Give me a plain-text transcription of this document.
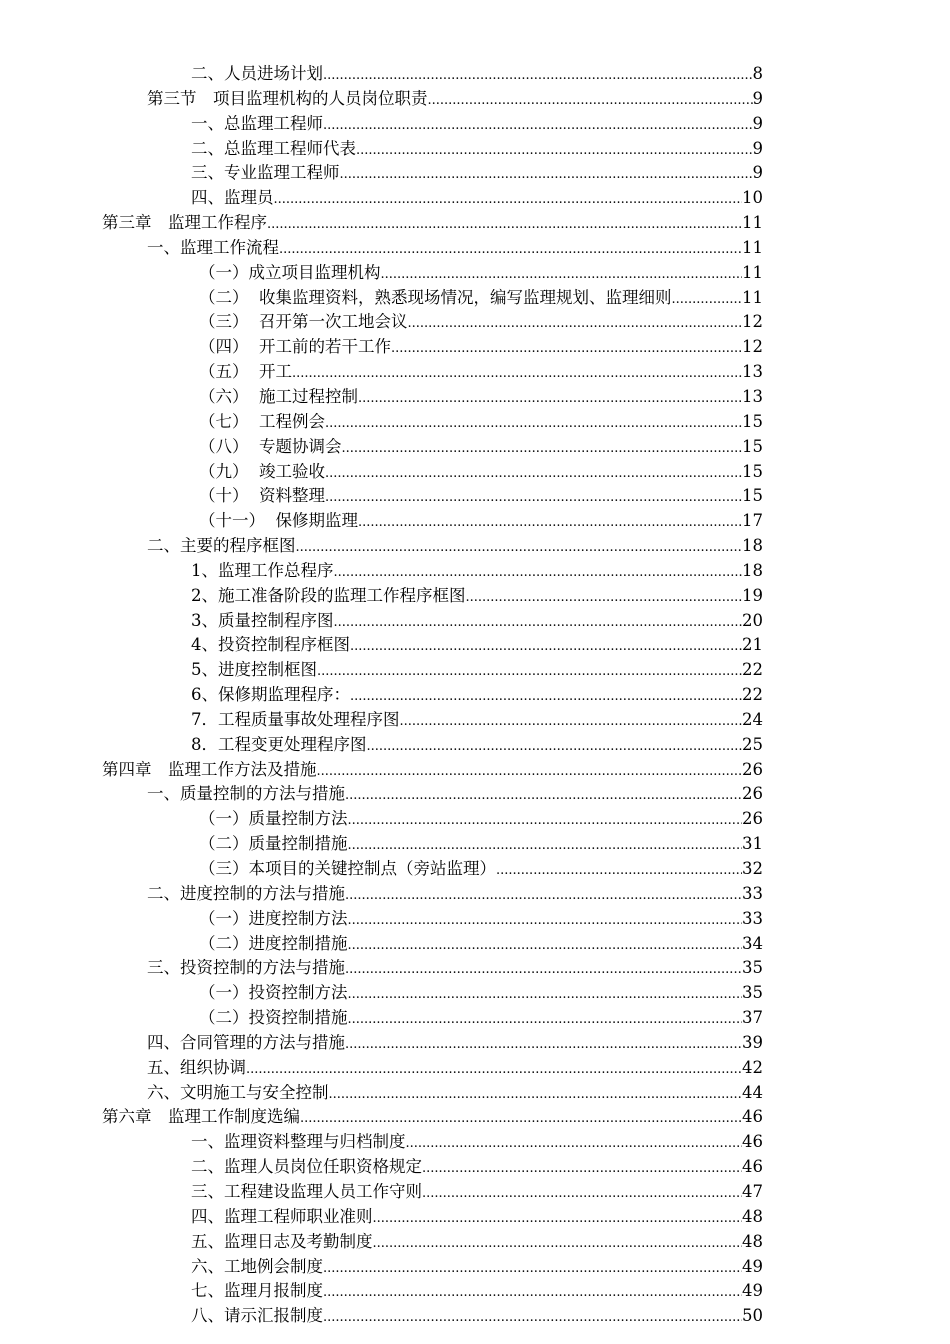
二、人员进场计划 .....	8
第三节　项目监理机构的人员岗位职责 .....	9
一、总监理工程师 .....	9
二、总监理工程师代表 .....	9
三、专业监理工程师 .....	9
四、监理员 .....	10
第三章　监理工作程序 .....	11
一、监理工作流程 .....	11
（一）成立项目监理机构 .....	11
（二）  收集监理资料，熟悉现场情况，编写监理规划、监理细则 .....	11
（三）  召开第一次工地会议 .....	12
（四）  开工前的若干工作 .....	12
（五）  开工 .....	13
（六）  施工过程控制 .....	13
（七）  工程例会 .....	15
（八）  专题协调会 .....	15
（九）  竣工验收 .....	15
（十）  资料整理 .....	15
（十一）  保修期监理 .....	17
二、主要的程序框图 .....	18
1、监理工作总程序 .....	18
2、施工准备阶段的监理工作程序框图 .....	19
3、质量控制程序图 .....	20
4、投资控制程序框图 .....	21
5、进度控制框图 .....	22
6、保修期监理程序： .....	22
7．工程质量事故处理程序图 .....	24
8．工程变更处理程序图 .....	25
第四章　监理工作方法及措施 .....	26
一、质量控制的方法与措施 .....	26
（一）质量控制方法 .....	26
（二）质量控制措施 .....	31
（三）本项目的关键控制点（旁站监理） .....	32
二、进度控制的方法与措施 .....	33
（一）进度控制方法 .....	33
（二）进度控制措施 .....	34
三、投资控制的方法与措施 .....	35
（一）投资控制方法 .....	35
（二）投资控制措施 .....	37
四、合同管理的方法与措施 .....	39
五、组织协调 .....	42
六、文明施工与安全控制 .....	44
第六章　监理工作制度选编 .....	46
一、监理资料整理与归档制度 .....	46
二、监理人员岗位任职资格规定 .....	46
三、工程建设监理人员工作守则 .....	47
四、监理工程师职业准则 .....	48
五、监理日志及考勤制度 .....	48
六、工地例会制度 .....	49
七、监理月报制度 .....	49
八、请示汇报制度 .....	50
